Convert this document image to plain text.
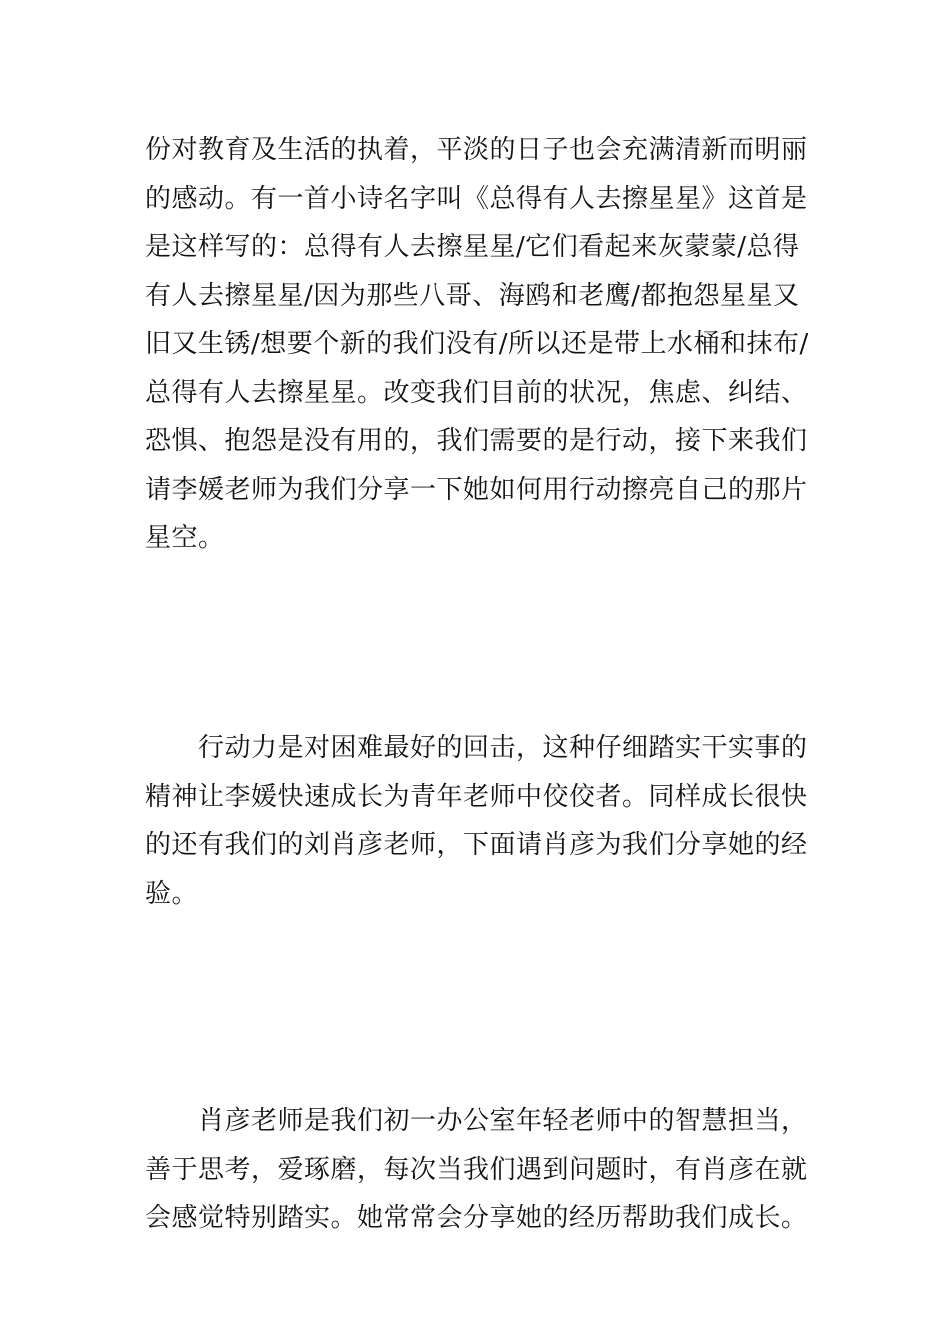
份对教育及生活的执着，平淡的日子也会充满清新而明丽
的感动。有一首小诗名字叫《总得有人去擦星星》这首是
是这样写的：总得有人去擦星星/它们看起来灰蒙蒙/总得
有人去擦星星/因为那些八哥、海鸥和老鹰/都抱怨星星又
旧又生锈/想要个新的我们没有/所以还是带上水桶和抹布/
总得有人去擦星星。改变我们目前的状况，焦虑、纠结、
恐惧、抱怨是没有用的，我们需要的是行动，接下来我们
请李媛老师为我们分享一下她如何用行动擦亮自己的那片
星空。
行动力是对困难最好的回击，这种仔细踏实干实事的
精神让李媛快速成长为青年老师中佼佼者。同样成长很快
的还有我们的刘肖彦老师，下面请肖彦为我们分享她的经
验。
肖彦老师是我们初一办公室年轻老师中的智慧担当，
善于思考，爱琢磨，每次当我们遇到问题时，有肖彦在就
会感觉特别踏实。她常常会分享她的经历帮助我们成长。
